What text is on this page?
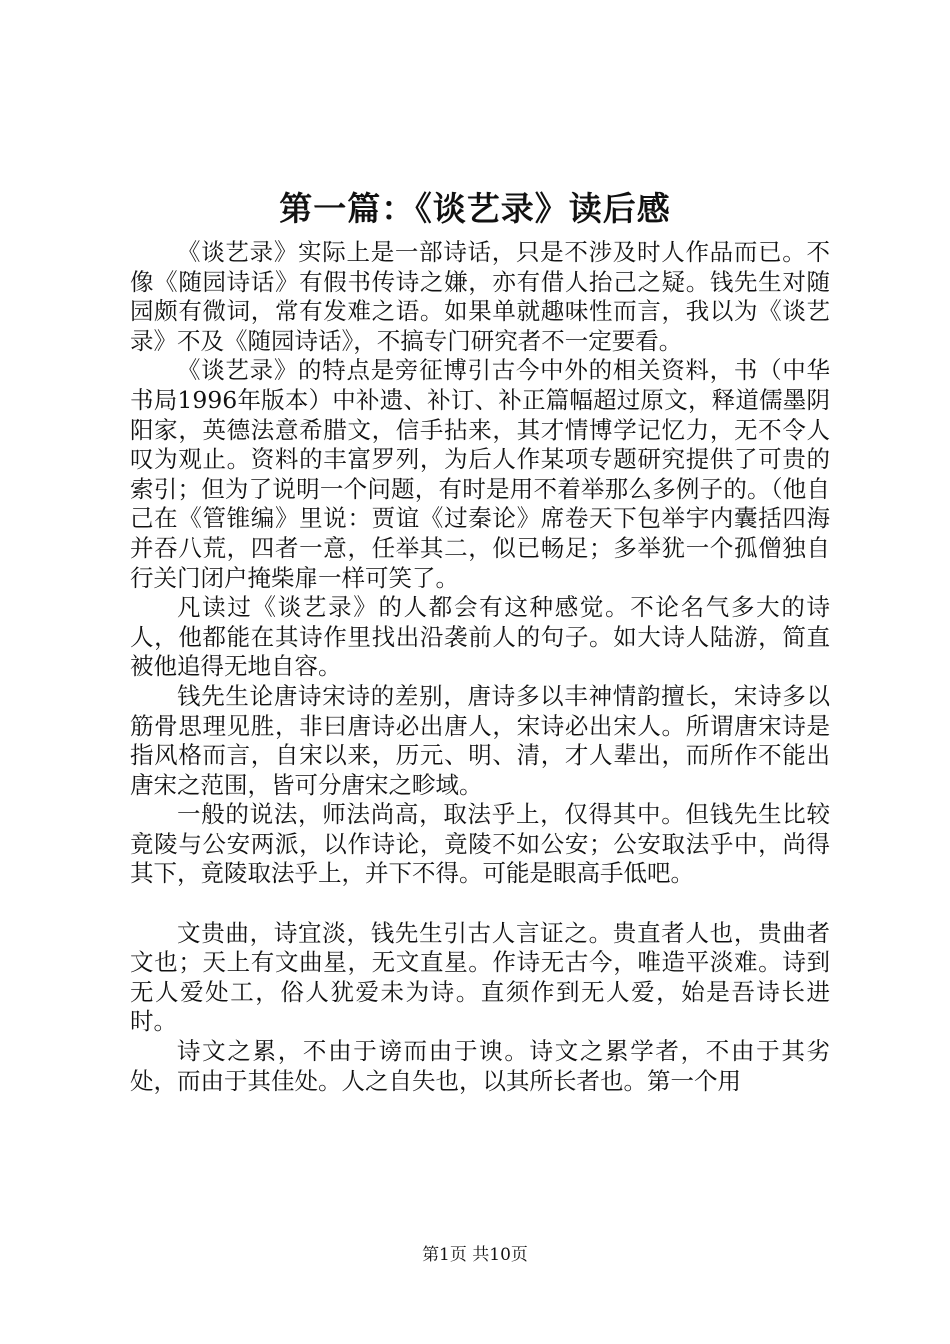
第一篇：《谈艺录》读后感

《谈艺录》实际上是一部诗话，只是不涉及时人作品而已。不像《随园诗话》有假书传诗之嫌，亦有借人抬己之疑。钱先生对随园颇有微词，常有发难之语。如果单就趣味性而言，我以为《谈艺录》不及《随园诗话》，不搞专门研究者不一定要看。

《谈艺录》的特点是旁征博引古今中外的相关资料，书（中华书局1996年版本）中补遗、补订、补正篇幅超过原文，释道儒墨阴阳家，英德法意希腊文，信手拈来，其才情博学记忆力，无不令人叹为观止。资料的丰富罗列，为后人作某项专题研究提供了可贵的索引；但为了说明一个问题，有时是用不着举那么多例子的。（他自己在《管锥编》里说：贾谊《过秦论》席卷天下包举宇内囊括四海并吞八荒，四者一意，任举其二，似已畅足；多举犹一个孤僧独自行关门闭户掩柴扉一样可笑了。

凡读过《谈艺录》的人都会有这种感觉。不论名气多大的诗人，他都能在其诗作里找出沿袭前人的句子。如大诗人陆游，简直被他追得无地自容。

钱先生论唐诗宋诗的差别，唐诗多以丰神情韵擅长，宋诗多以筋骨思理见胜，非曰唐诗必出唐人，宋诗必出宋人。所谓唐宋诗是指风格而言，自宋以来，历元、明、清，才人辈出，而所作不能出唐宋之范围，皆可分唐宋之畛域。

一般的说法，师法尚高，取法乎上，仅得其中。但钱先生比较竟陵与公安两派，以作诗论，竟陵不如公安；公安取法乎中，尚得其下，竟陵取法乎上，并下不得。可能是眼高手低吧。

文贵曲，诗宜淡，钱先生引古人言证之。贵直者人也，贵曲者文也；天上有文曲星，无文直星。作诗无古今，唯造平淡难。诗到无人爱处工，俗人犹爱未为诗。直须作到无人爱，始是吾诗长进时。

诗文之累，不由于谤而由于谀。诗文之累学者，不由于其劣处，而由于其佳处。人之自失也，以其所长者也。第一个用

第1页 共10页
